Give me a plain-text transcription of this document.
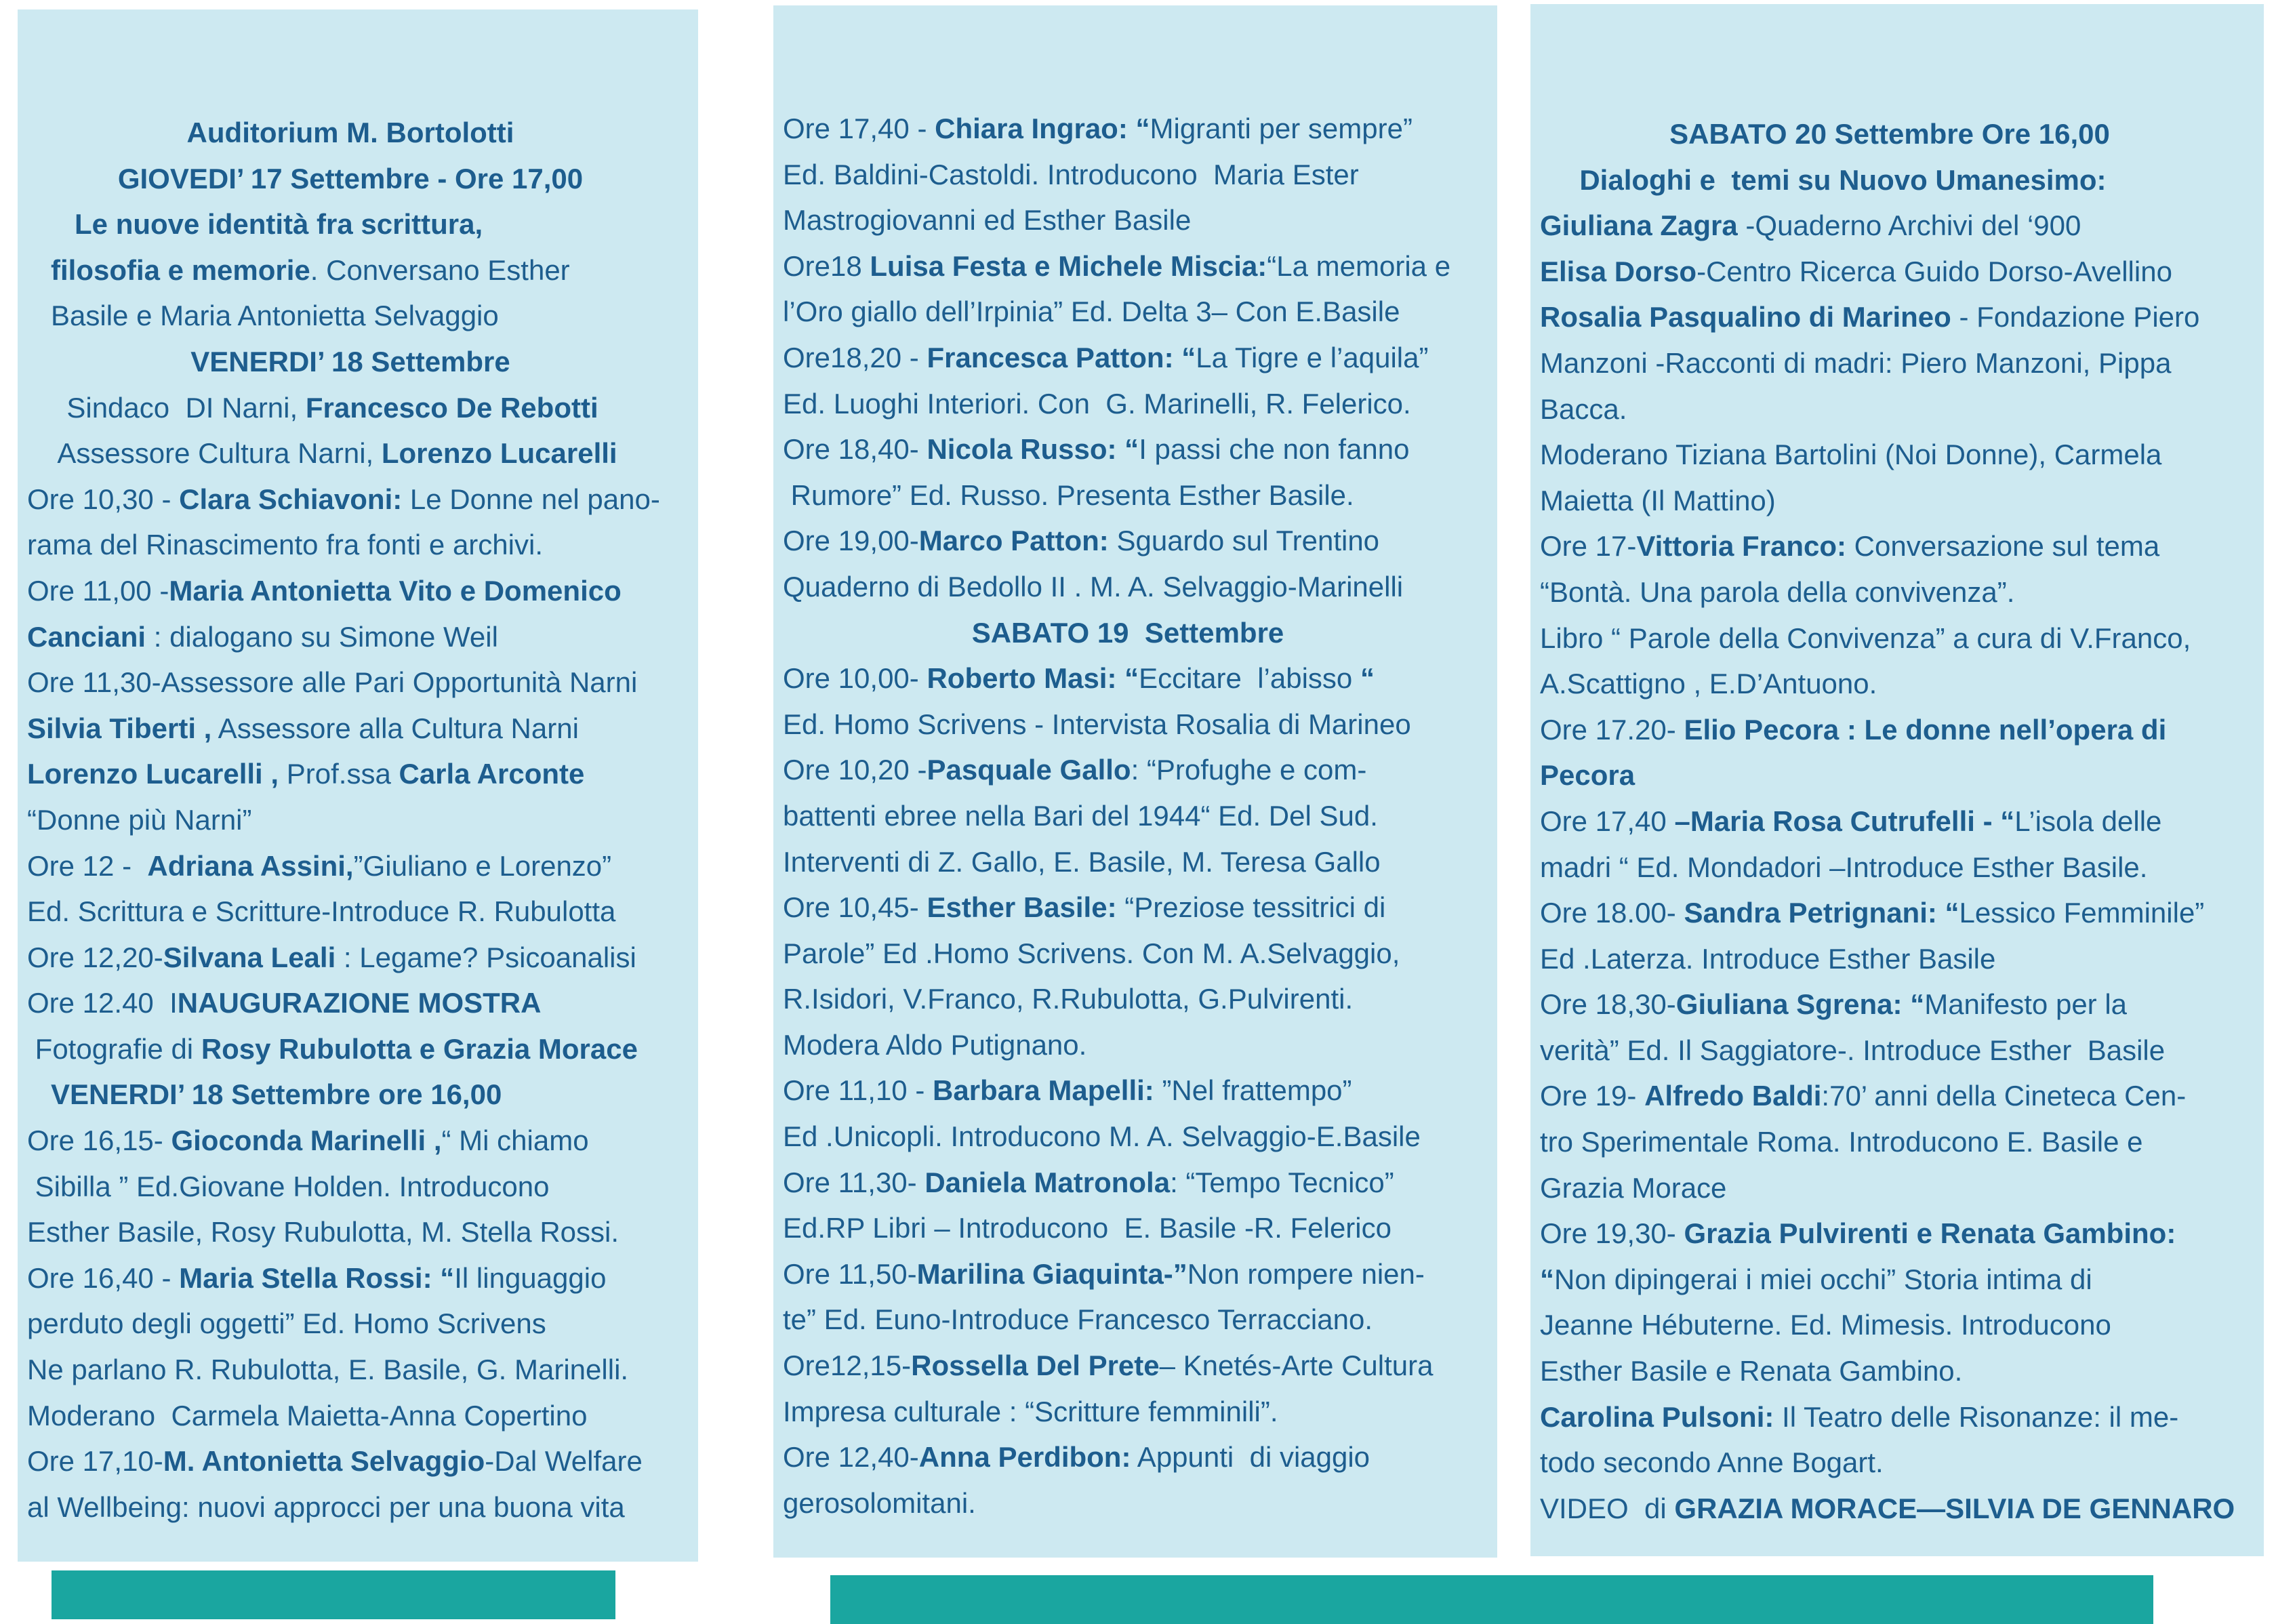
Auditorium M. Bortolotti
GIOVEDI’ 17 Settembre - Ore 17,00
Le nuove identità fra scrittura,
filosofia e memorie. Conversano Esther
Basile e Maria Antonietta Selvaggio
VENERDI’ 18 Settembre
Sindaco  DI Narni, Francesco De Rebotti
Assessore Cultura Narni, Lorenzo Lucarelli
Ore 10,30 - Clara Schiavoni: Le Donne nel pano-
rama del Rinascimento fra fonti e archivi.
Ore 11,00 -Maria Antonietta Vito e Domenico
Canciani : dialogano su Simone Weil
Ore 11,30-Assessore alle Pari Opportunità Narni
Silvia Tiberti , Assessore alla Cultura Narni
Lorenzo Lucarelli , Prof.ssa Carla Arconte
“Donne più Narni”
Ore 12 -  Adriana Assini,”Giuliano e Lorenzo”
Ed. Scrittura e Scritture-Introduce R. Rubulotta
Ore 12,20-Silvana Leali : Legame? Psicoanalisi
Ore 12.40  INAUGURAZIONE MOSTRA
Fotografie di Rosy Rubulotta e Grazia Morace
VENERDI’ 18 Settembre ore 16,00
Ore 16,15- Gioconda Marinelli ,“ Mi chiamo
Sibilla ” Ed.Giovane Holden. Introducono
Esther Basile, Rosy Rubulotta, M. Stella Rossi.
Ore 16,40 - Maria Stella Rossi: “Il linguaggio
perduto degli oggetti” Ed. Homo Scrivens
Ne parlano R. Rubulotta, E. Basile, G. Marinelli.
Moderano  Carmela Maietta-Anna Copertino
Ore 17,10-M. Antonietta Selvaggio-Dal Welfare
al Wellbeing: nuovi approcci per una buona vita
Ore 17,40 - Chiara Ingrao: “Migranti per sempre”
Ed. Baldini-Castoldi. Introducono  Maria Ester
Mastrogiovanni ed Esther Basile
Ore18 Luisa Festa e Michele Miscia:“La memoria e
l’Oro giallo dell’Irpinia” Ed. Delta 3– Con E.Basile
Ore18,20 - Francesca Patton: “La Tigre e l’aquila”
Ed. Luoghi Interiori. Con  G. Marinelli, R. Felerico.
Ore 18,40- Nicola Russo: “I passi che non fanno
Rumore” Ed. Russo. Presenta Esther Basile.
Ore 19,00-Marco Patton: Sguardo sul Trentino
Quaderno di Bedollo II . M. A. Selvaggio-Marinelli
SABATO 19  Settembre
Ore 10,00- Roberto Masi: “Eccitare  l’abisso “
Ed. Homo Scrivens - Intervista Rosalia di Marineo
Ore 10,20 -Pasquale Gallo: “Profughe e com-
battenti ebree nella Bari del 1944“ Ed. Del Sud.
Interventi di Z. Gallo, E. Basile, M. Teresa Gallo
Ore 10,45- Esther Basile: “Preziose tessitrici di
Parole” Ed .Homo Scrivens. Con M. A.Selvaggio,
R.Isidori, V.Franco, R.Rubulotta, G.Pulvirenti.
Modera Aldo Putignano.
Ore 11,10 - Barbara Mapelli: ”Nel frattempo”
Ed .Unicopli. Introducono M. A. Selvaggio-E.Basile
Ore 11,30- Daniela Matronola: “Tempo Tecnico”
Ed.RP Libri – Introducono  E. Basile -R. Felerico
Ore 11,50-Marilina Giaquinta-”Non rompere nien-
te” Ed. Euno-Introduce Francesco Terracciano.
Ore12,15-Rossella Del Prete– Knetés-Arte Cultura
Impresa culturale : “Scritture femminili”.
Ore 12,40-Anna Perdibon: Appunti  di viaggio
gerosolomitani.
SABATO 20 Settembre Ore 16,00
Dialoghi e  temi su Nuovo Umanesimo:
Giuliana Zagra -Quaderno Archivi del ‘900
Elisa Dorso-Centro Ricerca Guido Dorso-Avellino
Rosalia Pasqualino di Marineo - Fondazione Piero
Manzoni -Racconti di madri: Piero Manzoni, Pippa
Bacca.
Moderano Tiziana Bartolini (Noi Donne), Carmela
Maietta (Il Mattino)
Ore 17-Vittoria Franco: Conversazione sul tema
“Bontà. Una parola della convivenza”.
Libro “ Parole della Convivenza” a cura di V.Franco,
A.Scattigno , E.D’Antuono.
Ore 17.20- Elio Pecora : Le donne nell’opera di
Pecora
Ore 17,40 –Maria Rosa Cutrufelli - “L’isola delle
madri “ Ed. Mondadori –Introduce Esther Basile.
Ore 18.00- Sandra Petrignani: “Lessico Femminile”
Ed .Laterza. Introduce Esther Basile
Ore 18,30-Giuliana Sgrena: “Manifesto per la
verità” Ed. Il Saggiatore-. Introduce Esther  Basile
Ore 19- Alfredo Baldi:70’ anni della Cineteca Cen-
tro Sperimentale Roma. Introducono E. Basile e
Grazia Morace
Ore 19,30- Grazia Pulvirenti e Renata Gambino:
“Non dipingerai i miei occhi” Storia intima di
Jeanne Hébuterne. Ed. Mimesis. Introducono
Esther Basile e Renata Gambino.
Carolina Pulsoni: Il Teatro delle Risonanze: il me-
todo secondo Anne Bogart.
VIDEO  di GRAZIA MORACE—SILVIA DE GENNARO
